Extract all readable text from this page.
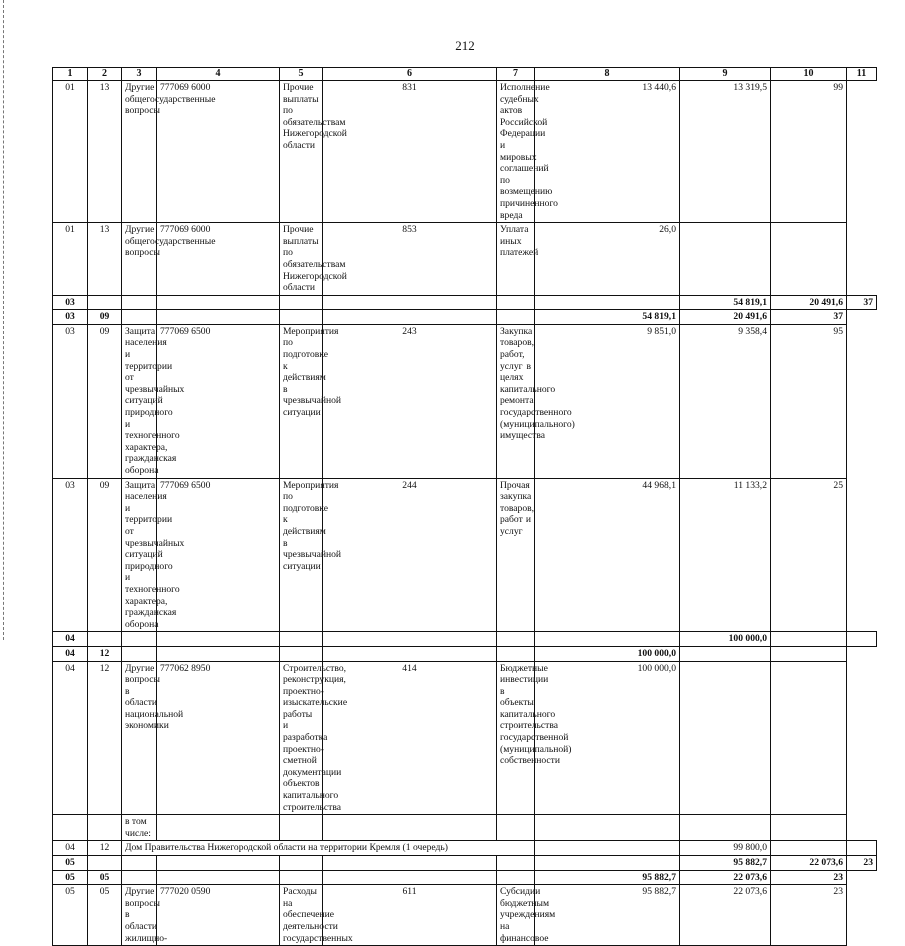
212
1	2	3	4	5	6	7	8	9	10	11
01	13	Другие общегосударственные вопросы	777069 6000	Прочие выплаты по обязательствам Нижегородской области	831	Исполнение судебных актов Российской Федерации и мировых соглашений по возмещению причиненного вреда	13 440,6	13 319,5	99	
01	13	Другие общегосударственные вопросы	777069 6000	Прочие выплаты по обязательствам Нижегородской области	853	Уплата иных платежей	26,0			
03								54 819,1	20 491,6	37
03	09						54 819,1	20 491,6	37	
03	09	Защита населения и территории от чрезвычайных ситуаций природного и техногенного характера, гражданская оборона	777069 6500	Мероприятия по подготовке к действиям в чрезвычайной ситуации	243	Закупка товаров, работ, услуг в целях капитального ремонта государственного (муниципального) имущества	9 851,0	9 358,4	95	
03	09	Защита населения и территории от чрезвычайных ситуаций природного и техногенного характера, гражданская оборона	777069 6500	Мероприятия по подготовке к действиям в чрезвычайной ситуации	244	Прочая закупка товаров, работ и услуг	44 968,1	11 133,2	25	
04								100 000,0		
04	12						100 000,0			
04	12	Другие вопросы в области национальной экономики	777062 8950	Строительство, реконструкция, проектно-изыскательские работы и разработка проектно-сметной документации объектов капитального строительства	414	Бюджетные инвестиции в объекты капитального строительства государственной (муниципальной) собственности	100 000,0			
		в том числе:								
04	12	Дом Правительства Нижегородской области на территории Кремля (1 очередь)						99 800,0		
05								95 882,7	22 073,6	23
05	05						95 882,7	22 073,6	23	
05	05	Другие вопросы в области жилищно-	777020 0590	Расходы на обеспечение деятельности государственных	611	Субсидии бюджетным учреждениям на финансовое	95 882,7	22 073,6	23	
